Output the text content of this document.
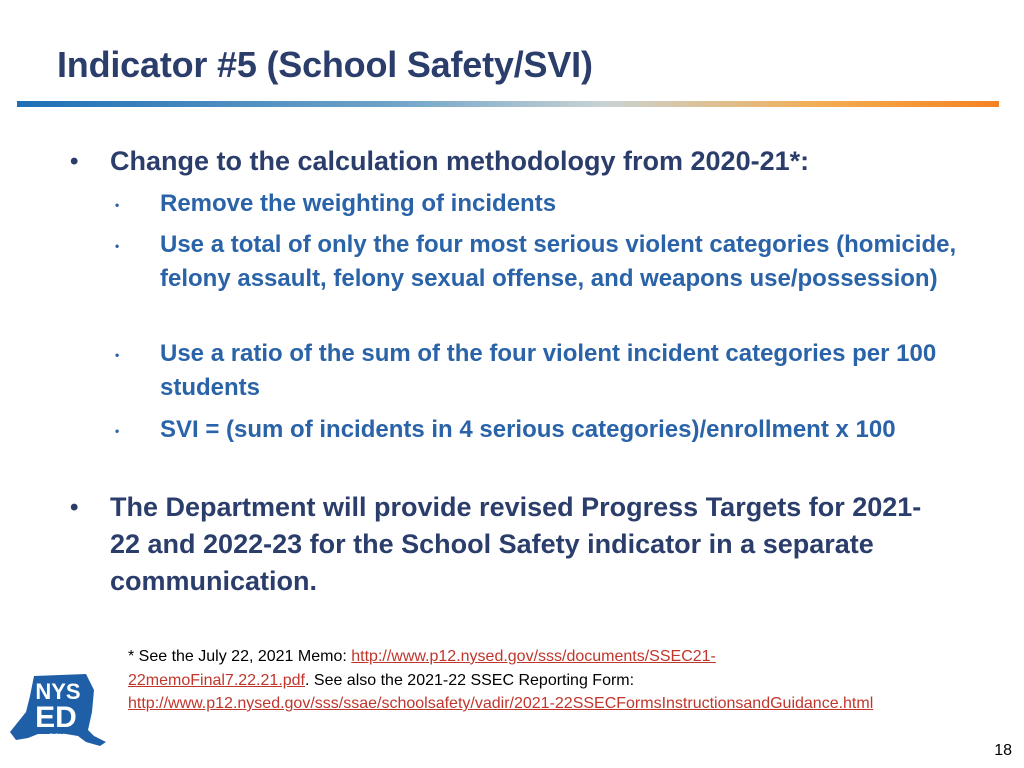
Indicator #5 (School Safety/SVI)
• Change to the calculation methodology from 2020-21*:
• Remove the weighting of incidents
• Use a total of only the four most serious violent categories (homicide, felony assault, felony sexual offense, and weapons use/possession)
• Use a ratio of the sum of the four violent incident categories per 100 students
• SVI = (sum of incidents in 4 serious categories)/enrollment x 100
• The Department will provide revised Progress Targets for 2021-22 and 2022-23 for the School Safety indicator in a separate communication.
* See the July 22, 2021 Memo: http://www.p12.nysed.gov/sss/documents/SSEC21-22memoFinal7.22.21.pdf. See also the 2021-22 SSEC Reporting Form: http://www.p12.nysed.gov/sss/ssae/schoolsafety/vadir/2021-22SSECFormsInstructionsandGuidance.html
NYS
ED
.gov
18
